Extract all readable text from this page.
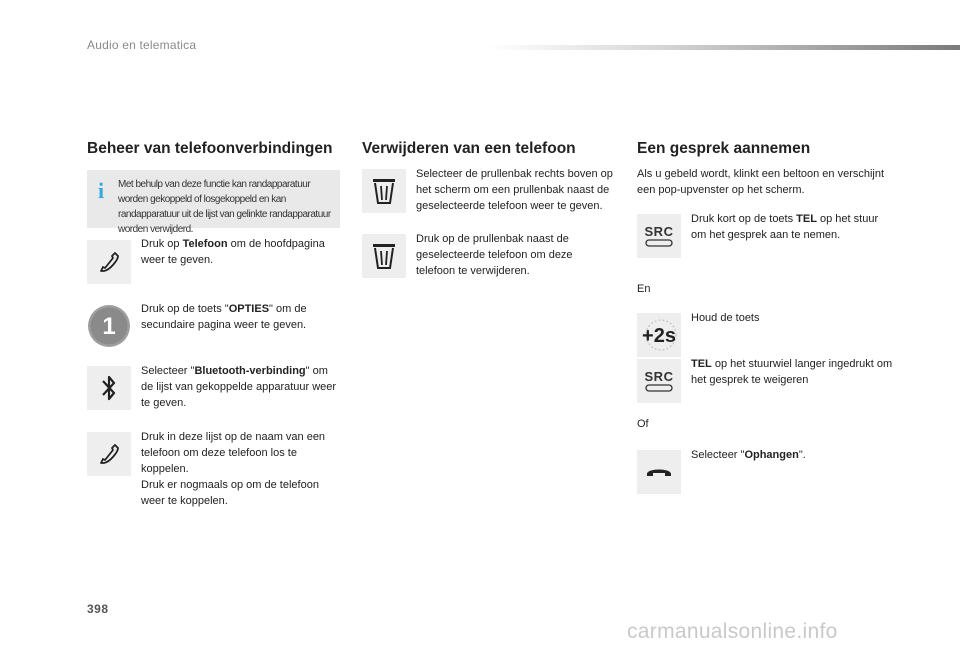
Audio en telematica
Beheer van telefoonverbindingen
i Met behulp van deze functie kan randapparatuur worden gekoppeld of losgekoppeld en kan randapparatuur uit de lijst van gelinkte randapparatuur worden verwijderd.
Druk op Telefoon om de hoofdpagina weer te geven.
1
Druk op de toets "OPTIES" om de secundaire pagina weer te geven.
Selecteer "Bluetooth-verbinding" om de lijst van gekoppelde apparatuur weer te geven.
Druk in deze lijst op de naam van een telefoon om deze telefoon los te koppelen.
Druk er nogmaals op om de telefoon weer te koppelen.
Verwijderen van een telefoon
Selecteer de prullenbak rechts boven op het scherm om een prullenbak naast de geselecteerde telefoon weer te geven.
Druk op de prullenbak naast de geselecteerde telefoon om deze telefoon te verwijderen.
Een gesprek aannemen
Als u gebeld wordt, klinkt een beltoon en verschijnt een pop-upvenster op het scherm.
SRC
Druk kort op de toets TEL op het stuur om het gesprek aan te nemen.
En
+2s
Houd de toets
SRC
TEL op het stuurwiel langer ingedrukt om het gesprek te weigeren
Of
Selecteer "Ophangen".
398
carmanualsonline.info
